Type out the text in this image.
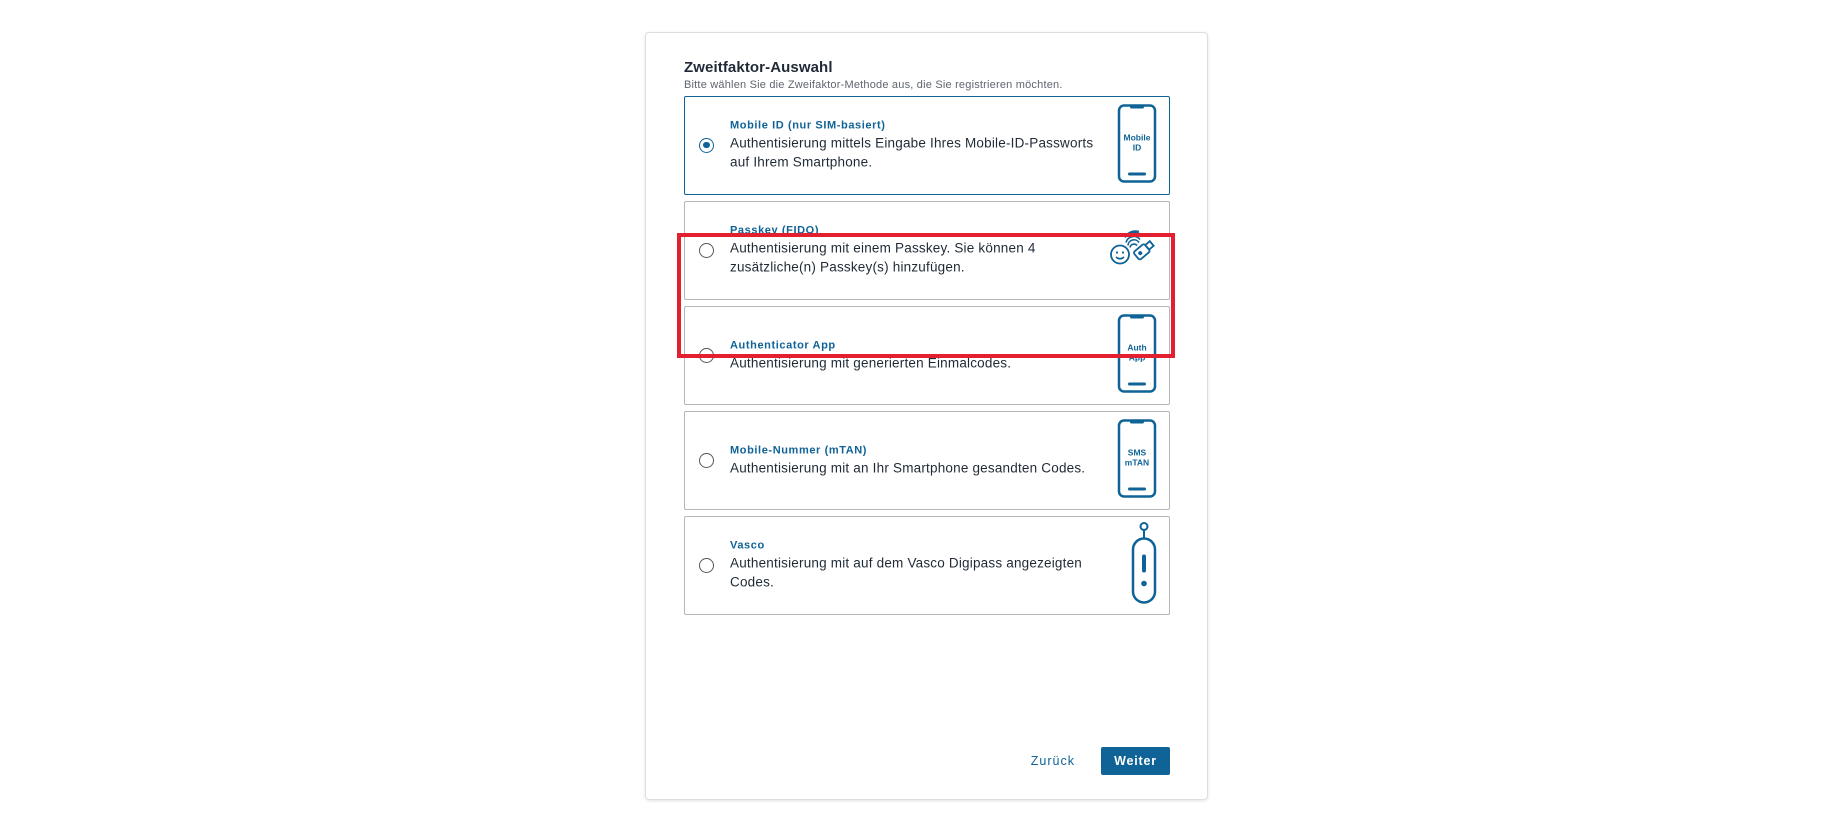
Zweitfaktor-Auswahl
Bitte wählen Sie die Zweifaktor-Methode aus, die Sie registrieren möchten.
Mobile ID (nur SIM-basiert)
Authentisierung mittels Eingabe Ihres Mobile-ID-Passworts auf Ihrem Smartphone.
Mobile
ID
Passkey (FIDO)
Authentisierung mit einem Passkey. Sie können 4 zusätzliche(n) Passkey(s) hinzufügen.
Authenticator App
Authentisierung mit generierten Einmalcodes.
Auth
App
Mobile-Nummer (mTAN)
Authentisierung mit an Ihr Smartphone gesandten Codes.
SMS
mTAN
Vasco
Authentisierung mit auf dem Vasco Digipass angezeigten Codes.
Zurück	Weiter
